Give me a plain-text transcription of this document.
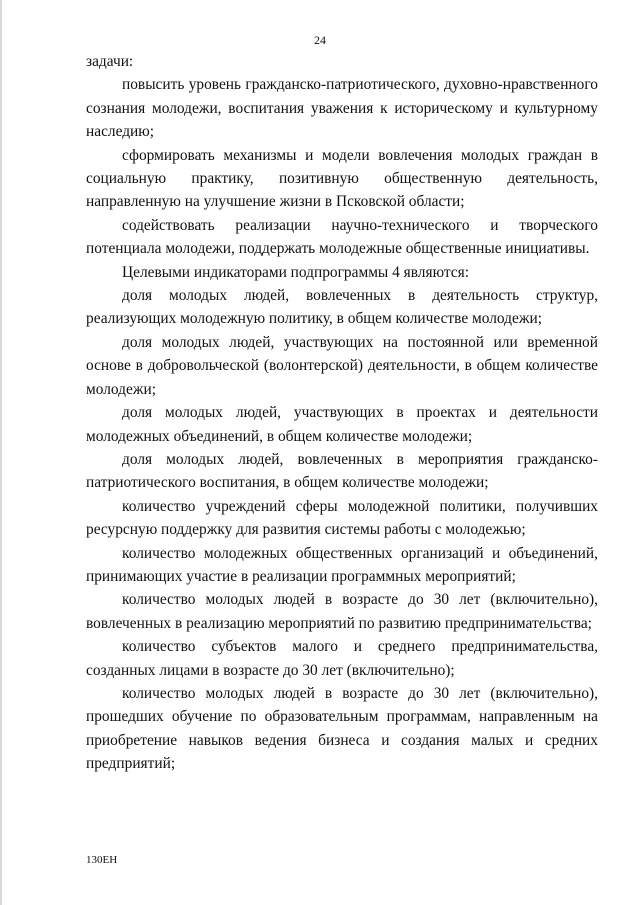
24

задачи:

повысить уровень гражданско-патриотического, духовно-нравственного сознания молодежи, воспитания уважения к историческому и культурному наследию;

сформировать механизмы и модели вовлечения молодых граждан в социальную практику, позитивную общественную деятельность, направленную на улучшение жизни в Псковской области;

содействовать реализации научно-технического и творческого потенциала молодежи, поддержать молодежные общественные инициативы.

Целевыми индикаторами подпрограммы 4 являются:

доля молодых людей, вовлеченных в деятельность структур, реализующих молодежную политику, в общем количестве молодежи;

доля молодых людей, участвующих на постоянной или временной основе в добровольческой (волонтерской) деятельности, в общем количестве молодежи;

доля молодых людей, участвующих в проектах и деятельности молодежных объединений, в общем количестве молодежи;

доля молодых людей, вовлеченных в мероприятия гражданско-патриотического воспитания, в общем количестве молодежи;

количество учреждений сферы молодежной политики, получивших ресурсную поддержку для развития системы работы с молодежью;

количество молодежных общественных организаций и объединений, принимающих участие в реализации программных мероприятий;

количество молодых людей в возрасте до 30 лет (включительно), вовлеченных в реализацию мероприятий по развитию предпринимательства;

количество субъектов малого и среднего предпринимательства, созданных лицами в возрасте до 30 лет (включительно);

количество молодых людей в возрасте до 30 лет (включительно), прошедших обучение по образовательным программам, направленным на приобретение навыков ведения бизнеса и создания малых и средних предприятий;

130ЕН
